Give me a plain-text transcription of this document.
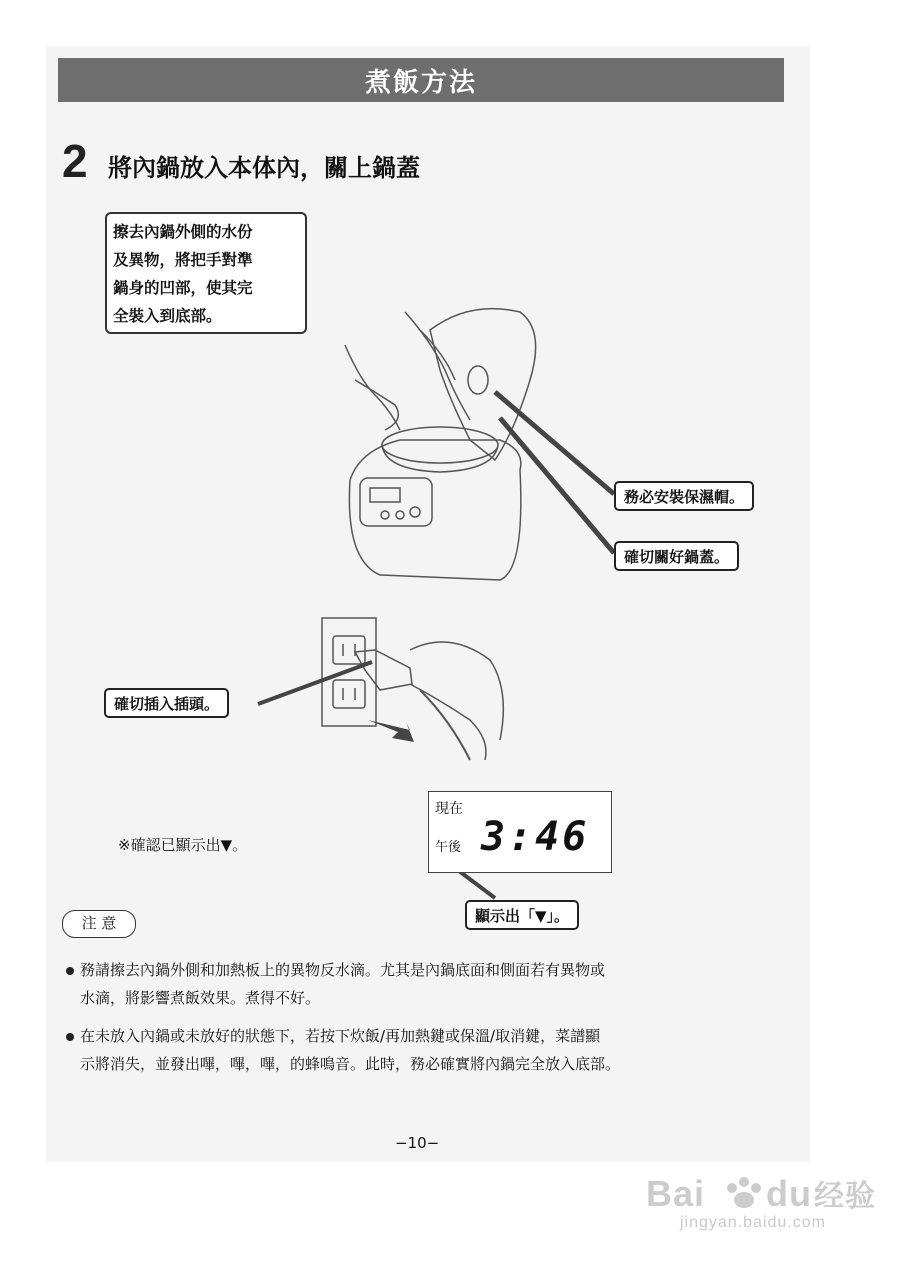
煮飯方法
2 將內鍋放入本体內，關上鍋蓋
擦去內鍋外側的水份
及異物，將把手對準
鍋身的凹部，使其完
全裝入到底部。
務必安裝保濕帽。
確切關好鍋蓋。
確切插入插頭。
顯示出「▼」。
※確認已顯示出▼。
現在
午後 3:46
注 意
務請擦去內鍋外側和加熱板上的異物反水滴。尤其是內鍋底面和側面若有異物或
水滴，將影響煮飯效果。煮得不好。
在未放入內鍋或未放好的狀態下，若按下炊飯/再加熱鍵或保溫/取消鍵，菜譜顯
示將消失，並發出嗶，嗶，嗶，的蜂鳴音。此時，務必確實將內鍋完全放入底部。
−10−
Bai du 经验
jingyan.baidu.com
